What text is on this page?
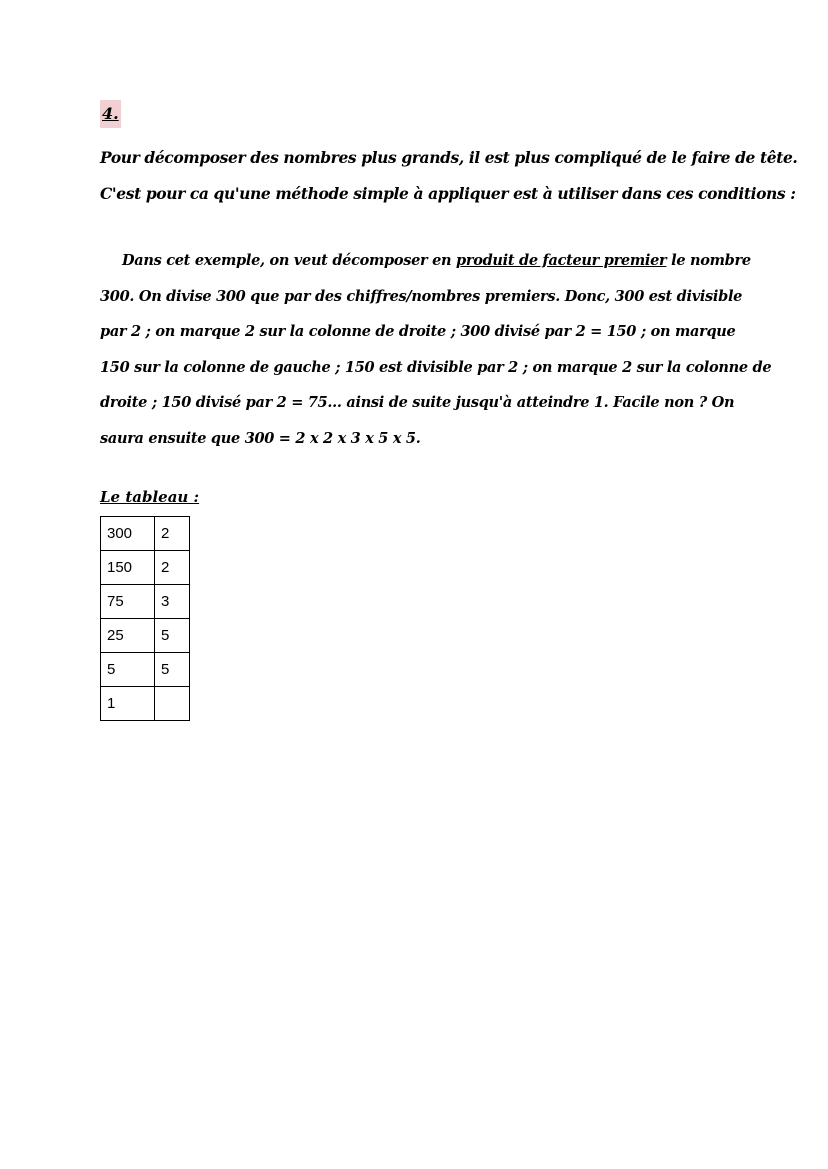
4.

Pour décomposer des nombres plus grands, il est plus compliqué de le faire de tête.

C'est pour ca qu'une méthode simple à appliquer est à utiliser dans ces conditions :

Dans cet exemple, on veut décomposer en produit de facteur premier le nombre

300. On divise 300 que par des chiffres/nombres premiers. Donc, 300 est divisible

par 2 ; on marque 2 sur la colonne de droite ; 300 divisé par 2 = 150 ; on marque

150 sur la colonne de gauche ; 150 est divisible par 2 ; on marque 2 sur la colonne de

droite ; 150 divisé par 2 = 75... ainsi de suite jusqu'à atteindre 1. Facile non ? On

saura ensuite que 300 = 2 x 2 x 3 x 5 x 5.

Le tableau :
300	2
150	2
75	3
25	5
5	5
1	
